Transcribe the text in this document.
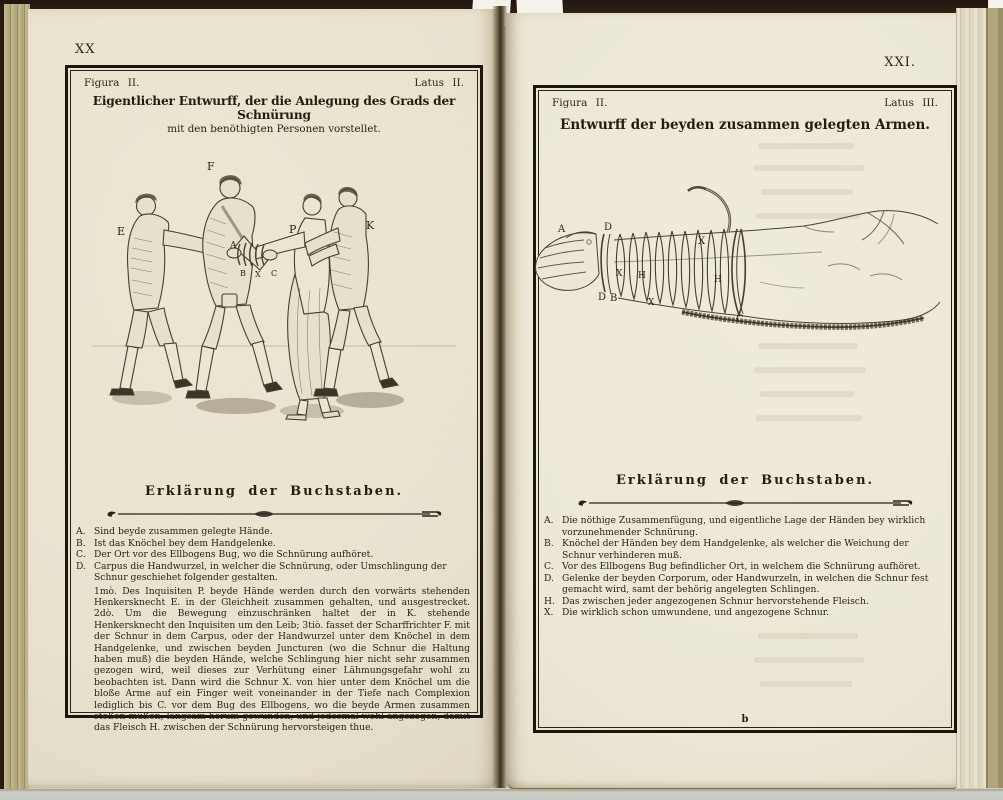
XX
Figura II.	Latus II.
Eigentlicher Entwurff, der die Anlegung des Grads der Schnürung
mit den benöthigten Personen vorstellet.
E
F
P	K
A
B X C
Erklärung der Buchstaben.
A. Sind beyde zusammen gelegte Hände.
B. Ist das Knöchel bey dem Handgelenke.
C. Der Ort vor des Ellbogens Bug, wo die Schnürung aufhöret.
D. Carpus die Handwurzel, in welcher die Schnürung, oder Umschlingung der Schnur geschiehet folgender gestalten.
1mò. Des Inquisiten P. beyde Hände werden durch den vorwärts stehenden Henkersknecht E. in der Gleichheit zusammen gehalten, und ausgestrecket. 2dò. Um die Bewegung einzuschränken haltet der in K. stehende Henkersknecht den Inquisiten um den Leib; 3tiò. fasset der Scharffrichter F. mit der Schnur in dem Carpus, oder der Handwurzel unter dem Knöchel in dem Handgelenke, und zwischen beyden Juncturen (wo die Schnur die Haltung haben muß) die beyden Hände, welche Schlingung hier nicht sehr zusammen gezogen wird, weil dieses zur Verhütung einer Lähmungsgefahr wohl zu beobachten ist. Dann wird die Schnur X. von hier unter dem Knöchel um die bloße Arme auf ein Finger weit voneinander in der Tiefe nach Complexion lediglich bis C. vor dem Bug des Ellbogens, wo die beyde Armen zusammen stoßen müßen, langsam herum gewunden, und jedesmal wohl angezogen, damit das Fleisch H. zwischen der Schnürung hervorsteigen thue.
XXI.
Figura II.	Latus III.
Entwurff der beyden zusammen gelegten Armen.
A	D
X
X H	H
D B	X
C
Erklärung der Buchstaben.
A. Die nöthige Zusammenfügung, und eigentliche Lage der Händen bey wirklich vorzunehmender Schnürung.
B. Knöchel der Händen bey dem Handgelenke, als welcher die Weichung der Schnur verhinderen muß.
C. Vor des Ellbogens Bug befindlicher Ort, in welchem die Schnürung aufhöret.
D. Gelenke der beyden Corporum, oder Handwurzeln, in welchen die Schnur fest gemacht wird, samt der behörig angelegten Schlingen.
H. Das zwischen jeder angezogenen Schnur hervorstehende Fleisch.
X. Die wirklich schon umwundene, und angezogene Schnur.
b
